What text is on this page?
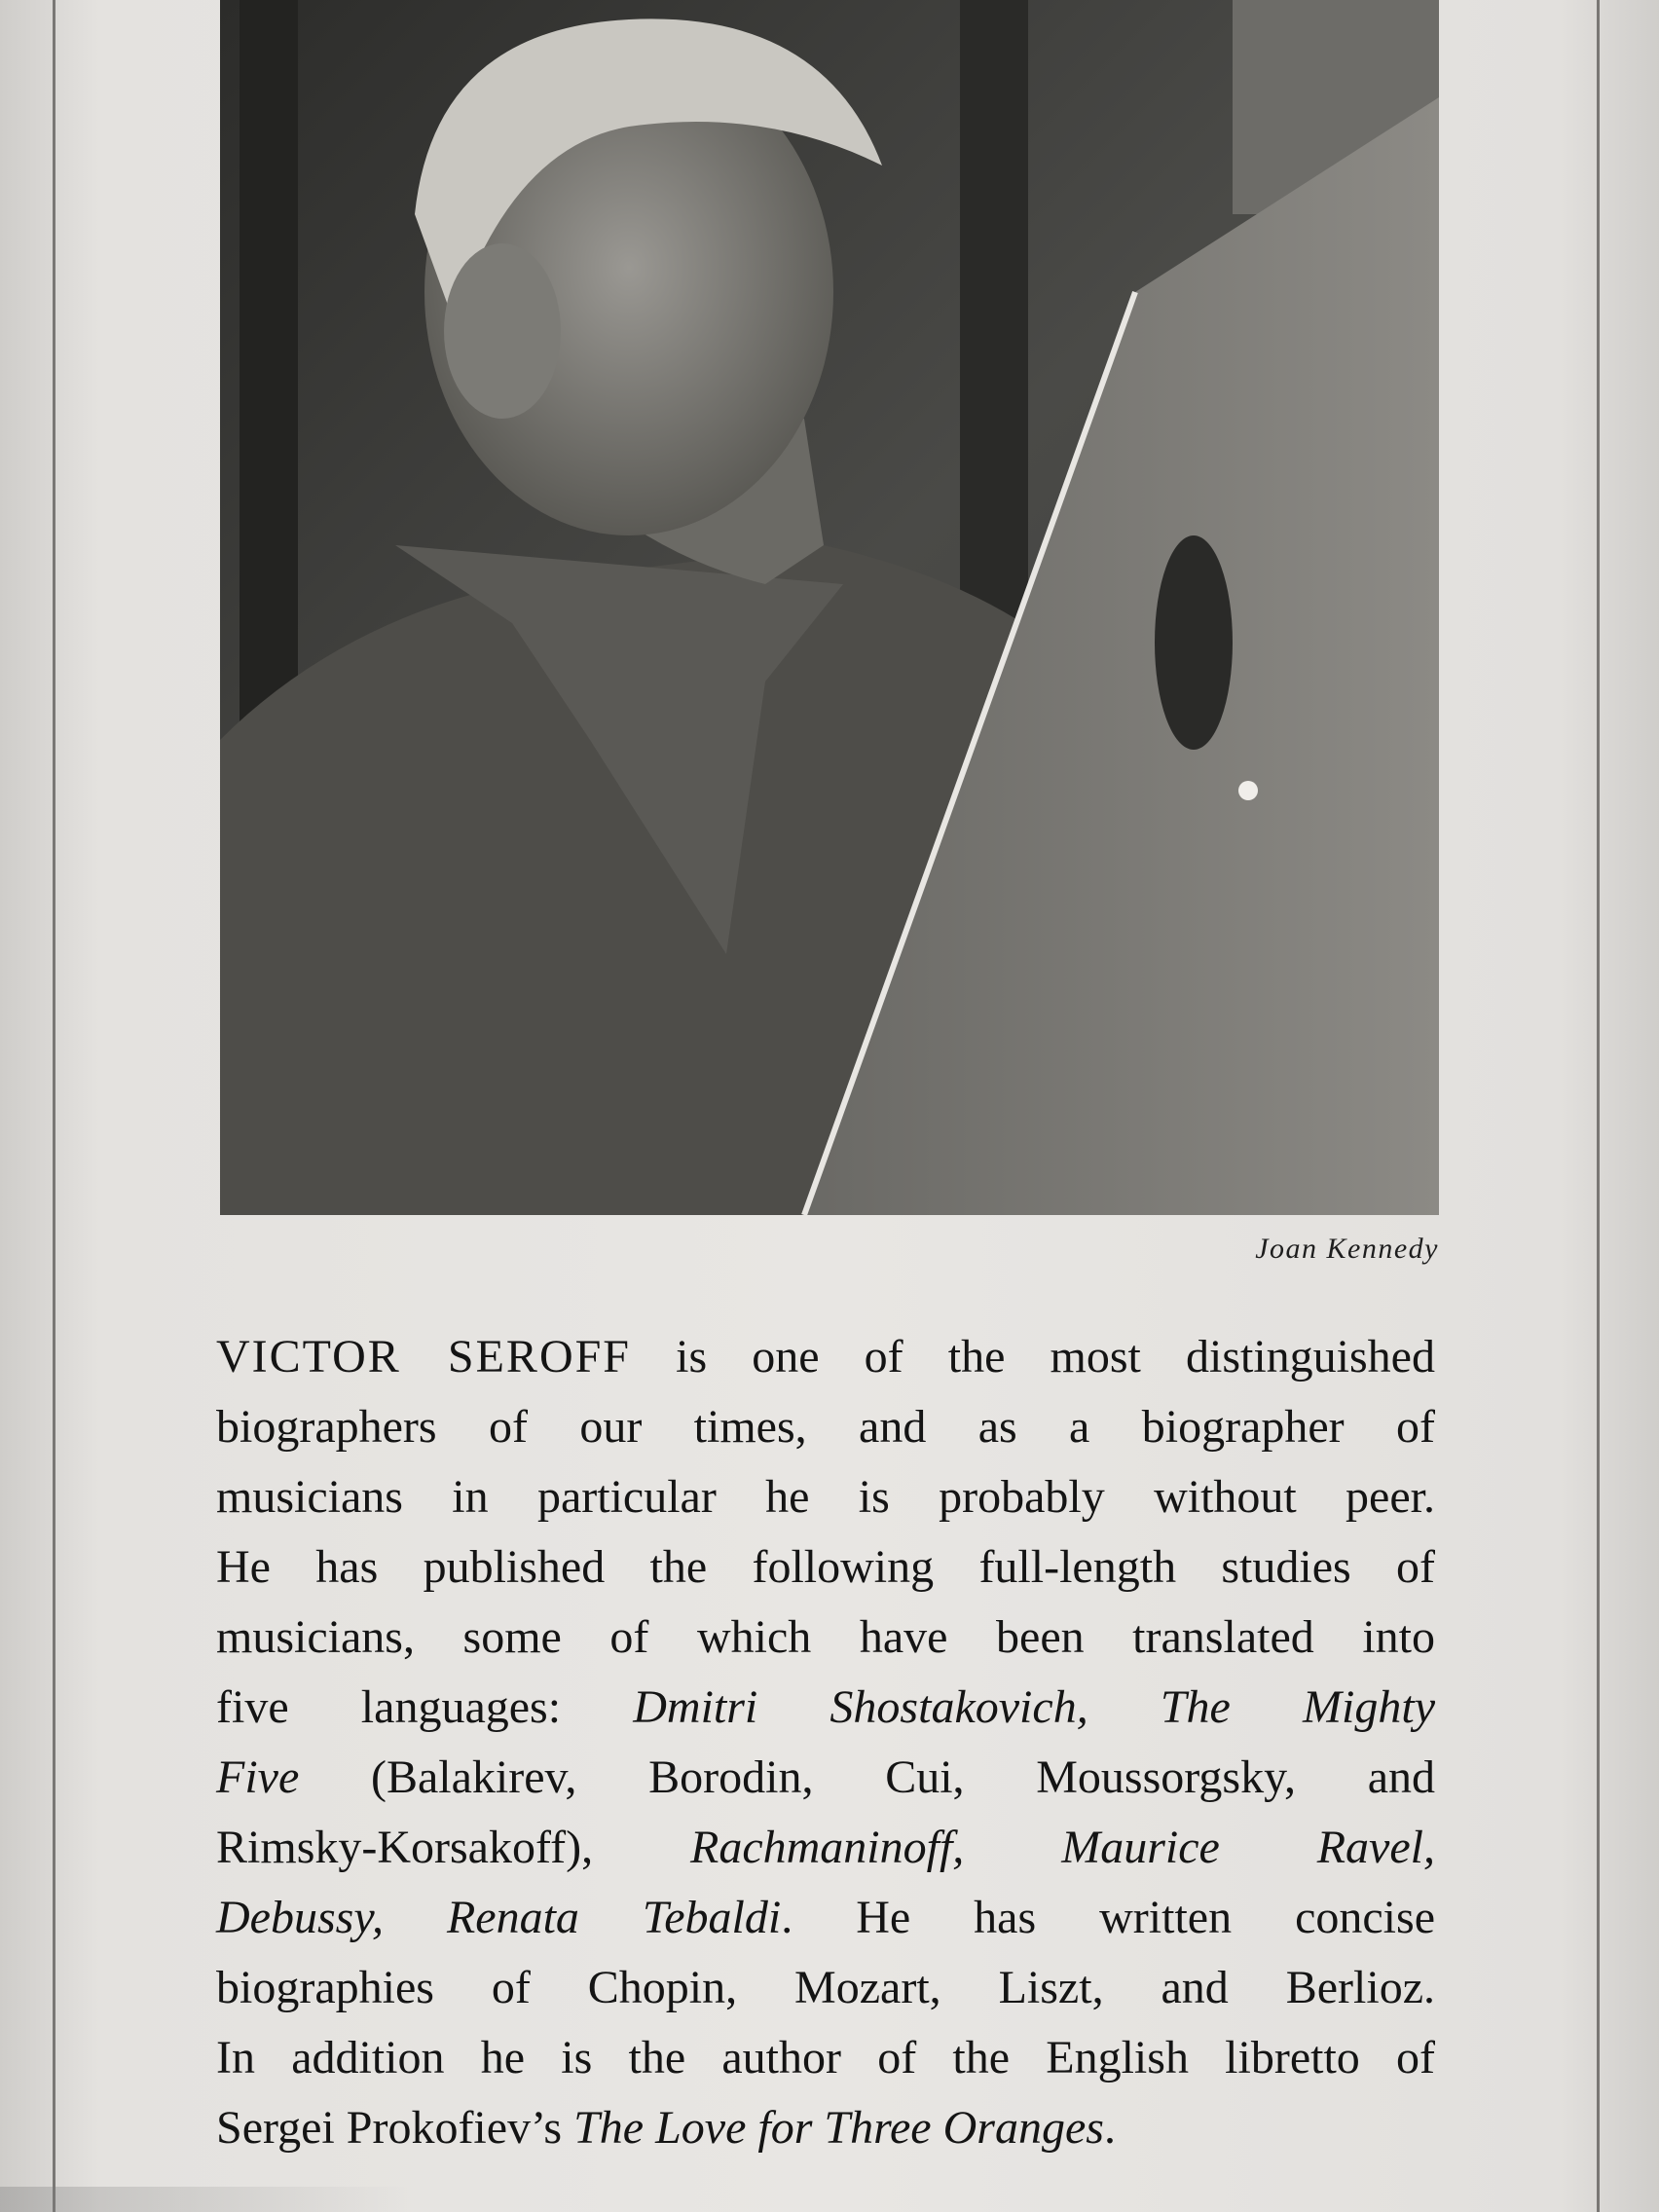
Joan Kennedy
VICTOR SEROFF is one of the most distinguished
biographers of our times, and as a biographer of
musicians in particular he is probably without peer.
He has published the following full-length studies of
musicians, some of which have been translated into
five languages: Dmitri Shostakovich, The Mighty
Five (Balakirev, Borodin, Cui, Moussorgsky, and
Rimsky-Korsakoff), Rachmaninoff, Maurice Ravel,
Debussy, Renata Tebaldi. He has written concise
biographies of Chopin, Mozart, Liszt, and Berlioz.
In addition he is the author of the English libretto of
Sergei Prokofiev’s The Love for Three Oranges.
